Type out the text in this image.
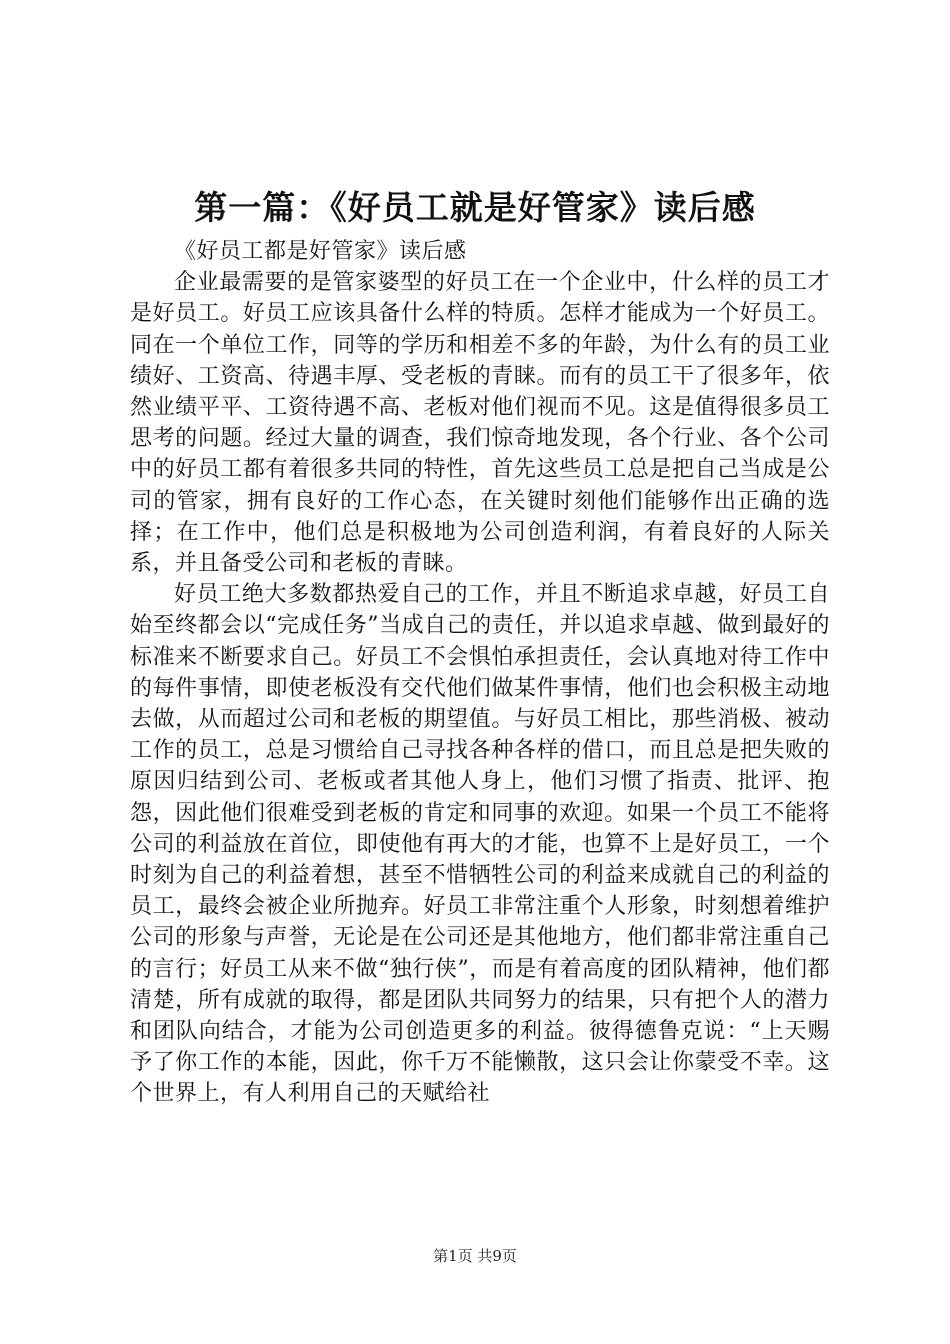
第一篇：《好员工就是好管家》读后感

《好员工都是好管家》读后感

企业最需要的是管家婆型的好员工在一个企业中，什么样的员工才是好员工。好员工应该具备什么样的特质。怎样才能成为一个好员工。同在一个单位工作，同等的学历和相差不多的年龄，为什么有的员工业绩好、工资高、待遇丰厚、受老板的青睐。而有的员工干了很多年，依然业绩平平、工资待遇不高、老板对他们视而不见。这是值得很多员工思考的问题。经过大量的调查，我们惊奇地发现，各个行业、各个公司中的好员工都有着很多共同的特性，首先这些员工总是把自己当成是公司的管家，拥有良好的工作心态，在关键时刻他们能够作出正确的选择；在工作中，他们总是积极地为公司创造利润，有着良好的人际关系，并且备受公司和老板的青睐。

好员工绝大多数都热爱自己的工作，并且不断追求卓越，好员工自始至终都会以“完成任务”当成自己的责任，并以追求卓越、做到最好的标准来不断要求自己。好员工不会惧怕承担责任，会认真地对待工作中的每件事情，即使老板没有交代他们做某件事情，他们也会积极主动地去做，从而超过公司和老板的期望值。与好员工相比，那些消极、被动工作的员工，总是习惯给自己寻找各种各样的借口，而且总是把失败的原因归结到公司、老板或者其他人身上，他们习惯了指责、批评、抱怨，因此他们很难受到老板的肯定和同事的欢迎。如果一个员工不能将公司的利益放在首位，即使他有再大的才能，也算不上是好员工，一个时刻为自己的利益着想，甚至不惜牺牲公司的利益来成就自己的利益的员工，最终会被企业所抛弃。好员工非常注重个人形象，时刻想着维护公司的形象与声誉，无论是在公司还是其他地方，他们都非常注重自己的言行；好员工从来不做“独行侠”，而是有着高度的团队精神，他们都清楚，所有成就的取得，都是团队共同努力的结果，只有把个人的潜力和团队向结合，才能为公司创造更多的利益。彼得德鲁克说：“上天赐予了你工作的本能，因此，你千万不能懒散，这只会让你蒙受不幸。这个世界上，有人利用自己的天赋给社

第1页 共9页
